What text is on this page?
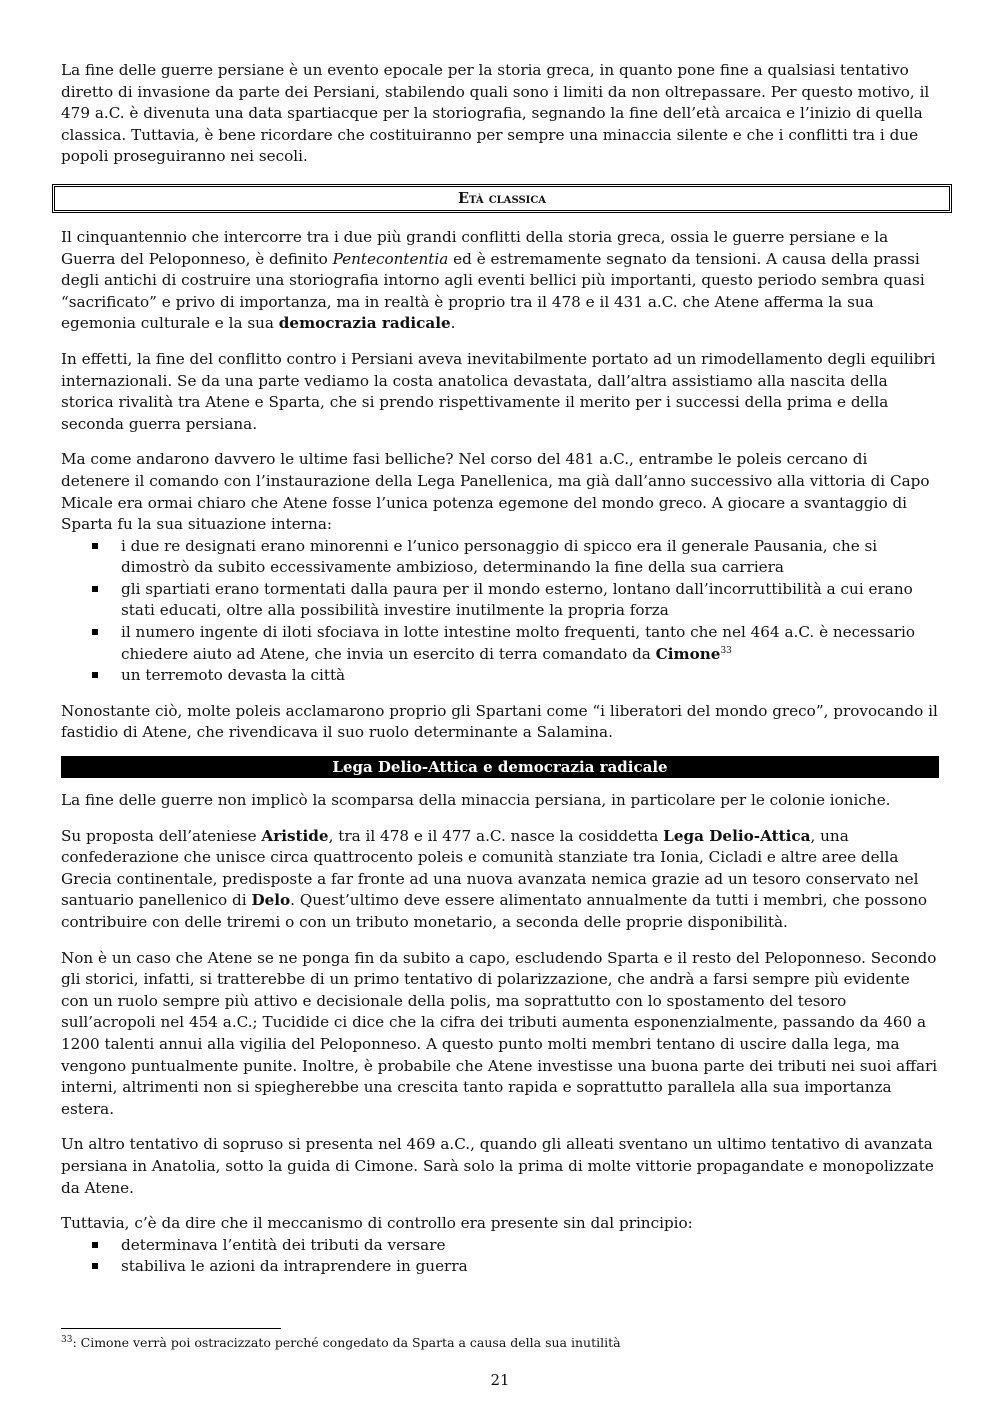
La fine delle guerre persiane è un evento epocale per la storia greca, in quanto pone fine a qualsiasi tentativo diretto di invasione da parte dei Persiani, stabilendo quali sono i limiti da non oltrepassare. Per questo motivo, il 479 a.C. è divenuta una data spartiacque per la storiografia, segnando la fine dell’età arcaica e l’inizio di quella classica. Tuttavia, è bene ricordare che costituiranno per sempre una minaccia silente e che i conflitti tra i due popoli proseguiranno nei secoli.

Età classica

Il cinquantennio che intercorre tra i due più grandi conflitti della storia greca, ossia le guerre persiane e la Guerra del Peloponneso, è definito Pentecontentia ed è estremamente segnato da tensioni. A causa della prassi degli antichi di costruire una storiografia intorno agli eventi bellici più importanti, questo periodo sembra quasi “sacrificato” e privo di importanza, ma in realtà è proprio tra il 478 e il 431 a.C. che Atene afferma la sua egemonia culturale e la sua democrazia radicale.

In effetti, la fine del conflitto contro i Persiani aveva inevitabilmente portato ad un rimodellamento degli equilibri internazionali. Se da una parte vediamo la costa anatolica devastata, dall’altra assistiamo alla nascita della storica rivalità tra Atene e Sparta, che si prendo rispettivamente il merito per i successi della prima e della seconda guerra persiana.

Ma come andarono davvero le ultime fasi belliche? Nel corso del 481 a.C., entrambe le poleis cercano di detenere il comando con l’instaurazione della Lega Panellenica, ma già dall’anno successivo alla vittoria di Capo Micale era ormai chiaro che Atene fosse l’unica potenza egemone del mondo greco. A giocare a svantaggio di Sparta fu la sua situazione interna:

i due re designati erano minorenni e l’unico personaggio di spicco era il generale Pausania, che si dimostrò da subito eccessivamente ambizioso, determinando la fine della sua carriera
gli spartiati erano tormentati dalla paura per il mondo esterno, lontano dall’incorruttibilità a cui erano stati educati, oltre alla possibilità investire inutilmente la propria forza
il numero ingente di iloti sfociava in lotte intestine molto frequenti, tanto che nel 464 a.C. è necessario chiedere aiuto ad Atene, che invia un esercito di terra comandato da Cimone$^{33}$
un terremoto devasta la città

Nonostante ciò, molte poleis acclamarono proprio gli Spartani come “i liberatori del mondo greco”, provocando il fastidio di Atene, che rivendicava il suo ruolo determinante a Salamina.

Lega Delio-Attica e democrazia radicale

La fine delle guerre non implicò la scomparsa della minaccia persiana, in particolare per le colonie ioniche.

Su proposta dell’ateniese Aristide, tra il 478 e il 477 a.C. nasce la cosiddetta Lega Delio-Attica, una confederazione che unisce circa quattrocento poleis e comunità stanziate tra Ionia, Cicladi e altre aree della Grecia continentale, predisposte a far fronte ad una nuova avanzata nemica grazie ad un tesoro conservato nel santuario panellenico di Delo. Quest’ultimo deve essere alimentato annualmente da tutti i membri, che possono contribuire con delle triremi o con un tributo monetario, a seconda delle proprie disponibilità.

Non è un caso che Atene se ne ponga fin da subito a capo, escludendo Sparta e il resto del Peloponneso. Secondo gli storici, infatti, si tratterebbe di un primo tentativo di polarizzazione, che andrà a farsi sempre più evidente con un ruolo sempre più attivo e decisionale della polis, ma soprattutto con lo spostamento del tesoro sull’acropoli nel 454 a.C.; Tucidide ci dice che la cifra dei tributi aumenta esponenzialmente, passando da 460 a 1200 talenti annui alla vigilia del Peloponneso. A questo punto molti membri tentano di uscire dalla lega, ma vengono puntualmente punite. Inoltre, è probabile che Atene investisse una buona parte dei tributi nei suoi affari interni, altrimenti non si spiegherebbe una crescita tanto rapida e soprattutto parallela alla sua importanza estera.

Un altro tentativo di sopruso si presenta nel 469 a.C., quando gli alleati sventano un ultimo tentativo di avanzata persiana in Anatolia, sotto la guida di Cimone. Sarà solo la prima di molte vittorie propagandate e monopolizzate da Atene.

Tuttavia, c’è da dire che il meccanismo di controllo era presente sin dal principio:

determinava l’entità dei tributi da versare
stabiliva le azioni da intraprendere in guerra
$^{33}$: Cimone verrà poi ostracizzato perché congedato da Sparta a causa della sua inutilità
21
